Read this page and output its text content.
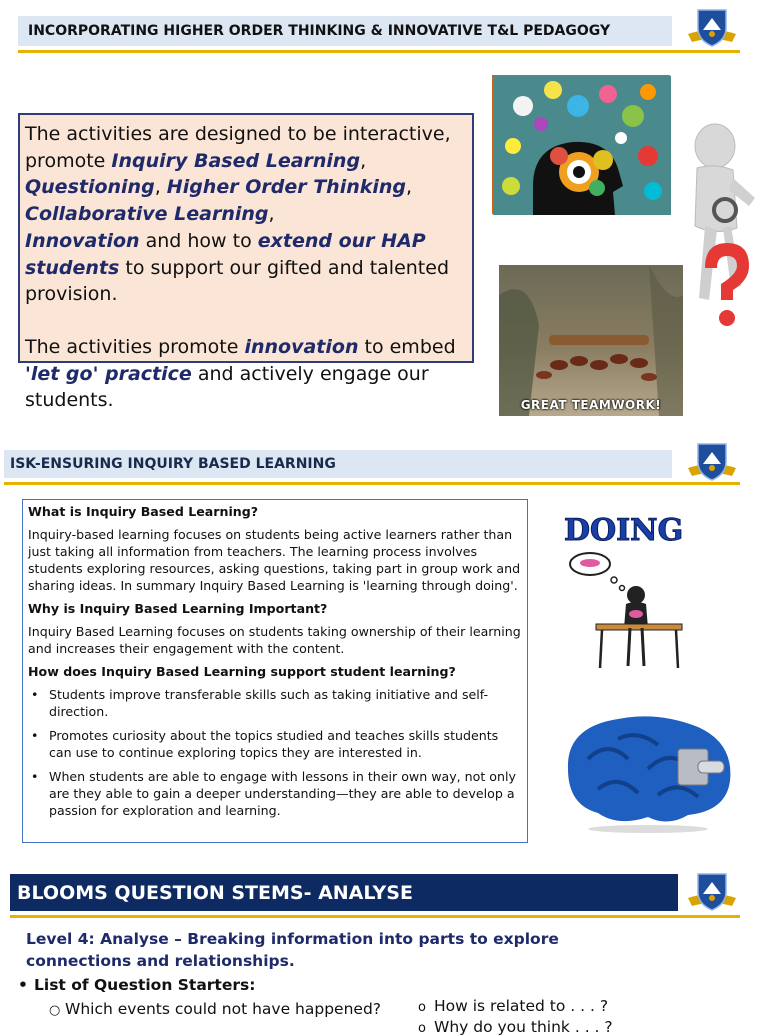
INCORPORATING HIGHER ORDER THINKING & INNOVATIVE T&L PEDAGOGY

The activities are designed to be interactive, promote Inquiry Based Learning,
Questioning, Higher Order Thinking, Collaborative Learning,
Innovation and how to extend our HAP students to support our gifted and talented provision.

The activities promote innovation to embed 'let go' practice and actively engage our students.	GREAT TEAMWORK!
ISK-ENSURING INQUIRY BASED LEARNING
What is Inquiry Based Learning?
Inquiry-based learning focuses on students being active learners rather than just taking all information from teachers. The learning process involves students exploring resources, asking questions, taking part in group work and sharing ideas. In summary Inquiry Based Learning is 'learning through doing'.
Why is Inquiry Based Learning Important?
Inquiry Based Learning focuses on students taking ownership of their learning and increases their engagement with the content.
How does Inquiry Based Learning support student learning?
• Students improve transferable skills such as taking initiative and self-direction.
• Promotes curiosity about the topics studied and teaches skills students can use to continue exploring topics they are interested in.
• When students are able to engage with lessons in their own way, not only are they able to gain a deeper understanding—they are able to develop a passion for exploration and learning.
DOING
BLOOMS QUESTION STEMS- ANALYSE
Level 4: Analyse – Breaking information into parts to explore connections and relationships.
• List of Question Starters:
○ Which events could not have happened?	o How is related to . . . ?
o Why do you think . . . ?
